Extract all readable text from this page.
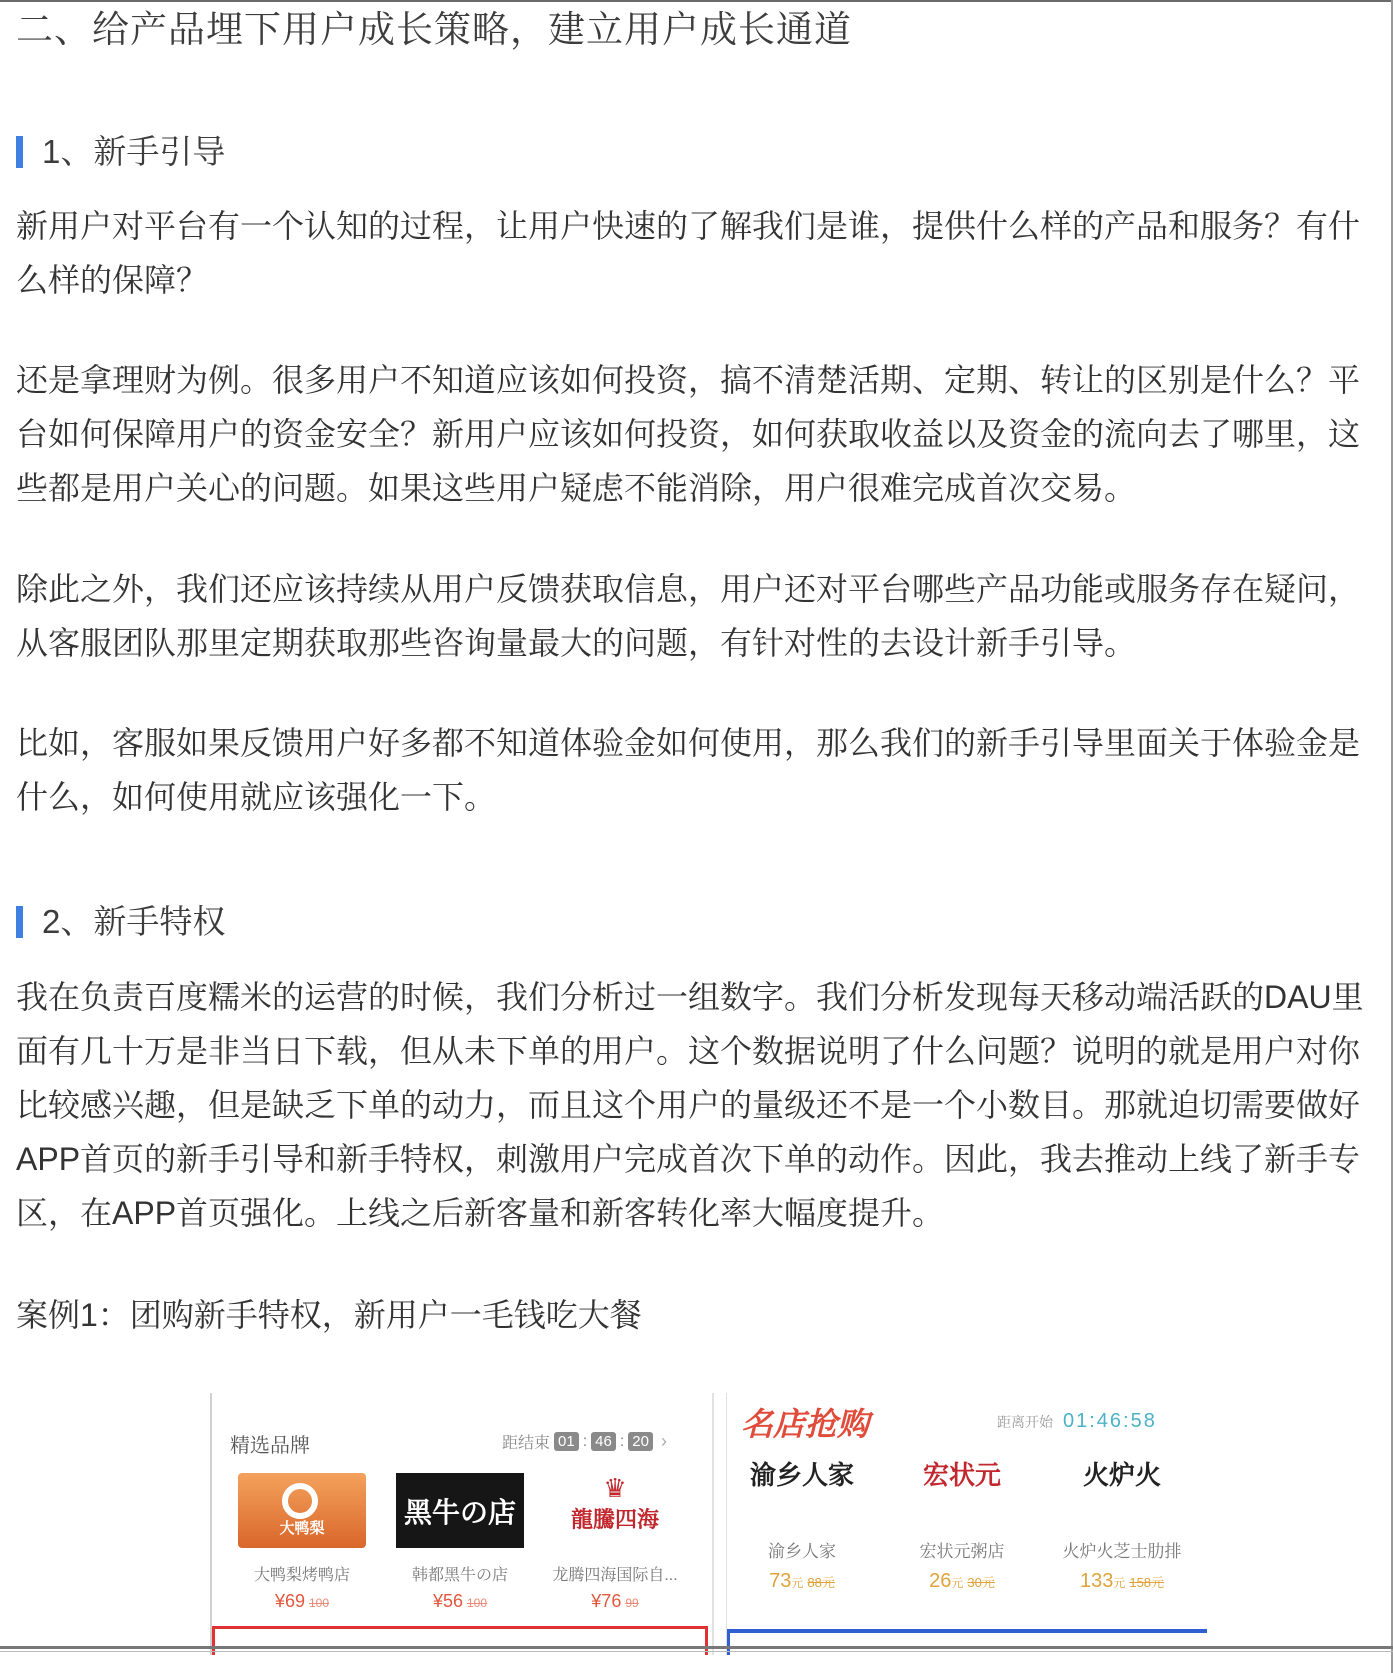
二、给产品埋下用户成长策略，建立用户成长通道
1、新手引导
新用户对平台有一个认知的过程，让用户快速的了解我们是谁，提供什么样的产品和服务？有什
么样的保障？
还是拿理财为例。很多用户不知道应该如何投资，搞不清楚活期、定期、转让的区别是什么？平
台如何保障用户的资金安全？新用户应该如何投资，如何获取收益以及资金的流向去了哪里，这
些都是用户关心的问题。如果这些用户疑虑不能消除，用户很难完成首次交易。
除此之外，我们还应该持续从用户反馈获取信息，用户还对平台哪些产品功能或服务存在疑问，
从客服团队那里定期获取那些咨询量最大的问题，有针对性的去设计新手引导。
比如，客服如果反馈用户好多都不知道体验金如何使用，那么我们的新手引导里面关于体验金是
什么，如何使用就应该强化一下。
2、新手特权
我在负责百度糯米的运营的时候，我们分析过一组数字。我们分析发现每天移动端活跃的DAU里
面有几十万是非当日下载，但从未下单的用户。这个数据说明了什么问题？说明的就是用户对你
比较感兴趣，但是缺乏下单的动力，而且这个用户的量级还不是一个小数目。那就迫切需要做好
APP首页的新手引导和新手特权，刺激用户完成首次下单的动作。因此，我去推动上线了新手专
区，在APP首页强化。上线之后新客量和新客转化率大幅度提升。
案例1：团购新手特权，新用户一毛钱吃大餐
精选品牌	距结束 01 : 46 : 20 ›
大鸭梨
大鸭梨烤鸭店
¥69 100
黑牛の店
韩都黑牛の店
¥56 100
♛
龍騰四海
龙腾四海国际自...
¥76 99
名店抢购	距离开始 01:46:58
渝乡人家
渝乡人家
73元 88元
宏状元
宏状元粥店
26元 30元
火炉火
火炉火芝士肋排
133元 158元
